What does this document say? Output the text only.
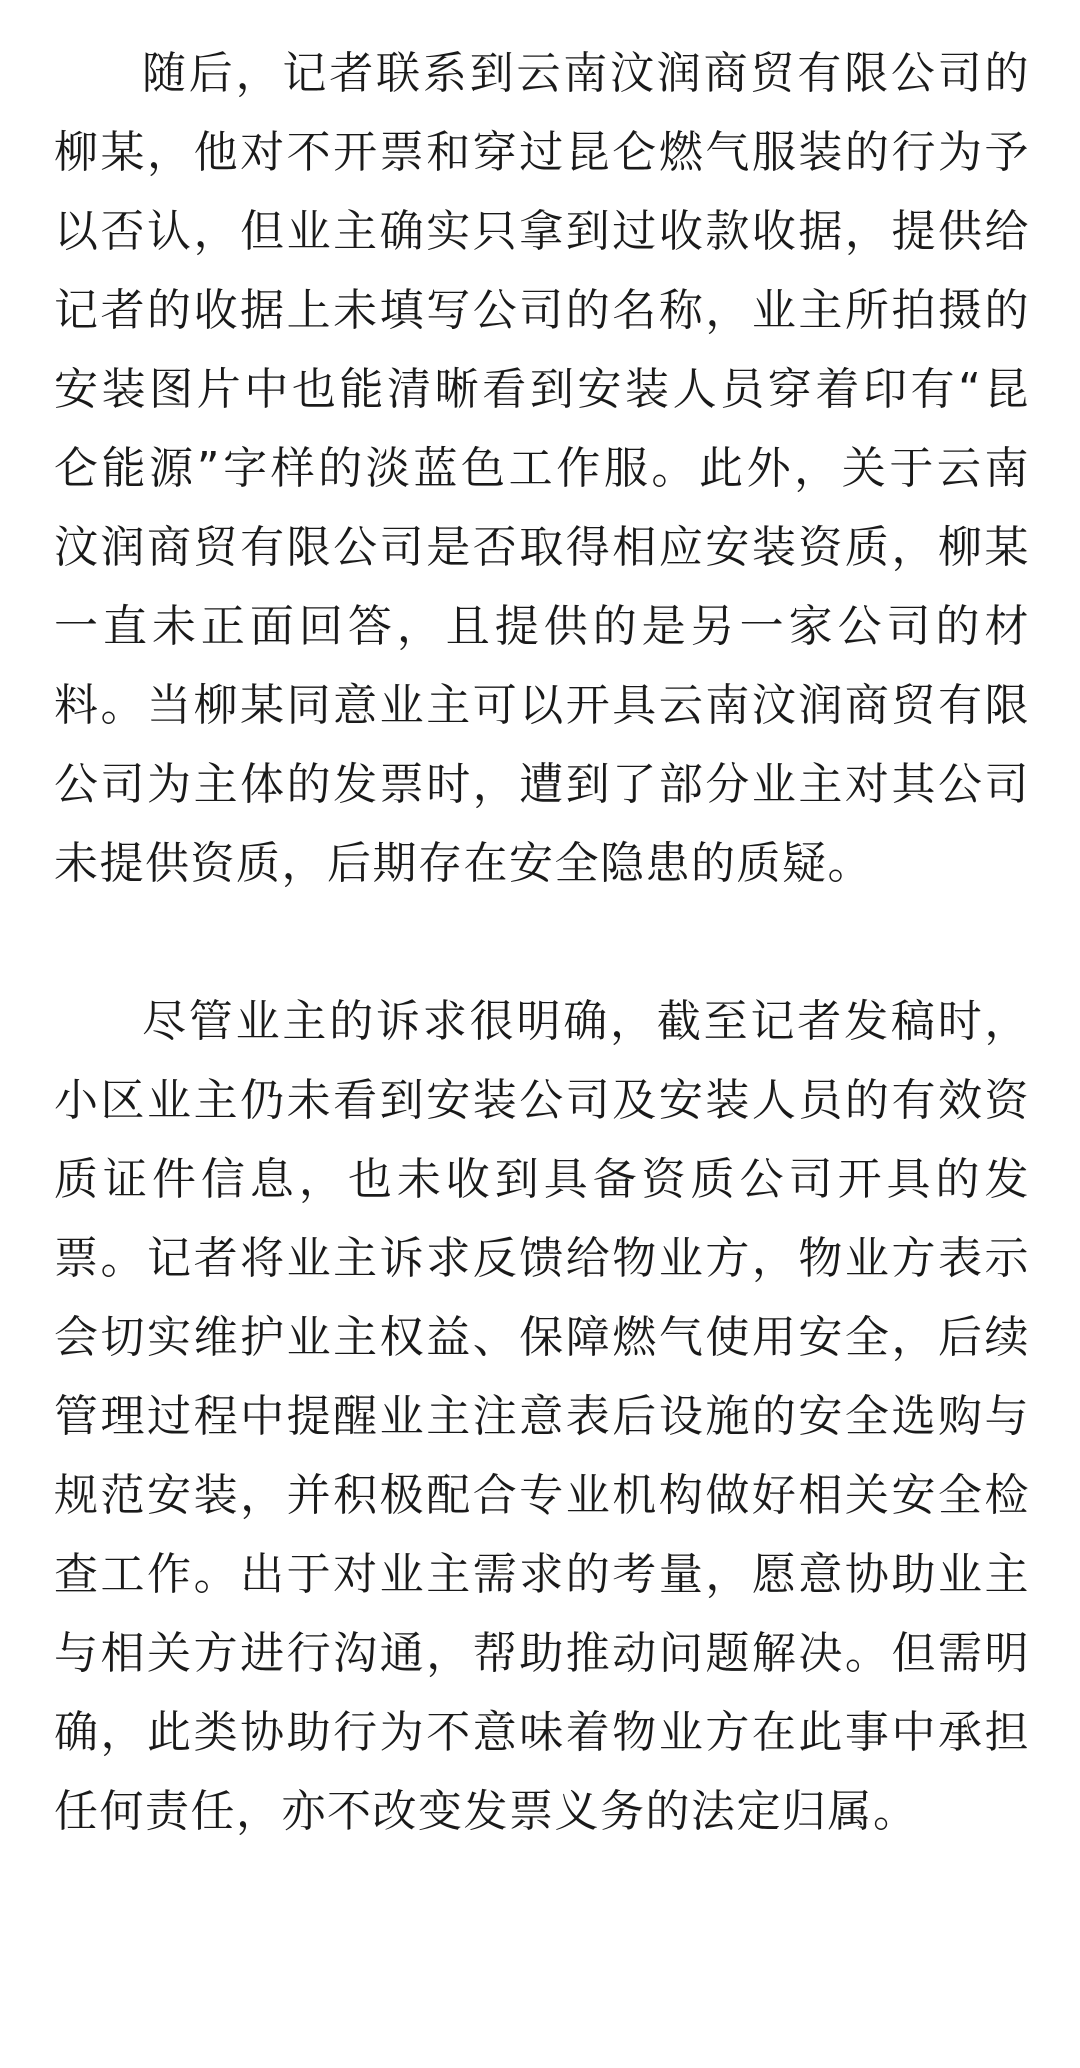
随后，记者联系到云南汶润商贸有限公司的柳某，他对不开票和穿过昆仑燃气服装的行为予以否认，但业主确实只拿到过收款收据，提供给记者的收据上未填写公司的名称，业主所拍摄的安装图片中也能清晰看到安装人员穿着印有“昆仑能源”字样的淡蓝色工作服。此外，关于云南汶润商贸有限公司是否取得相应安装资质，柳某一直未正面回答，且提供的是另一家公司的材料。当柳某同意业主可以开具云南汶润商贸有限公司为主体的发票时，遭到了部分业主对其公司未提供资质，后期存在安全隐患的质疑。

尽管业主的诉求很明确，截至记者发稿时，小区业主仍未看到安装公司及安装人员的有效资质证件信息，也未收到具备资质公司开具的发票。记者将业主诉求反馈给物业方，物业方表示会切实维护业主权益、保障燃气使用安全，后续管理过程中提醒业主注意表后设施的安全选购与规范安装，并积极配合专业机构做好相关安全检查工作。出于对业主需求的考量，愿意协助业主与相关方进行沟通，帮助推动问题解决。但需明确，此类协助行为不意味着物业方在此事中承担任何责任，亦不改变发票义务的法定归属。
